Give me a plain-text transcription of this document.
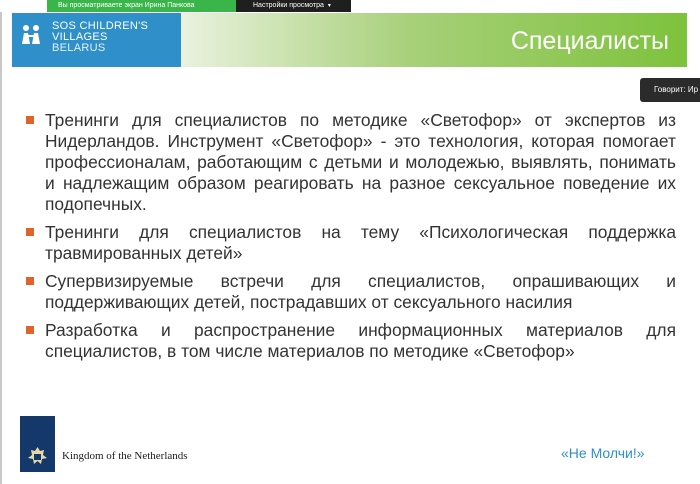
Вы просматриваете экран Ирина Панкова	Настройки просмотра ▾
SOS CHILDREN'S
VILLAGES
BELARUS	Специалисты
Говорит: Ир
Тренинги для специалистов по методике «Светофор» от экспертов из Нидерландов. Инструмент «Светофор» - это технология, которая помогает профессионалам, работающим с детьми и молодежью, выявлять, понимать и надлежащим образом реагировать на разное сексуальное поведение их подопечных.
Тренинги для специалистов на тему «Психологическая поддержка травмированных детей»
Супервизируемые встречи для специалистов, опрашивающих и поддерживающих детей, пострадавших от сексуального насилия
Разработка и распространение информационных материалов для специалистов, в том числе материалов по методике «Светофор»
Kingdom of the Netherlands	«Не Молчи!»
